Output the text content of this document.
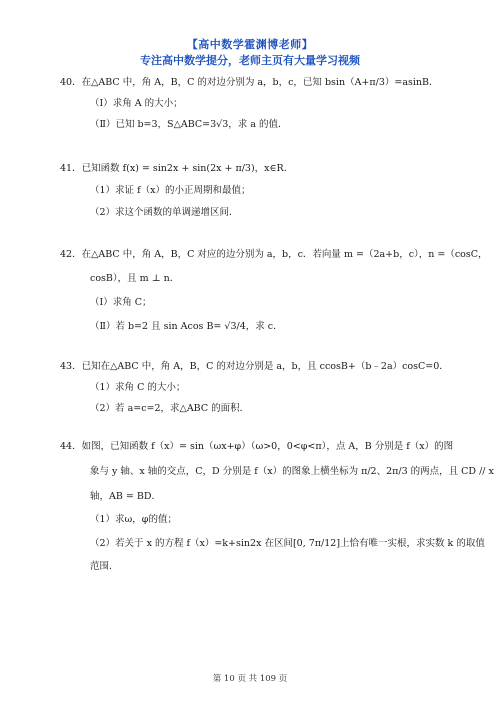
【高中数学霍渊博老师】
专注高中数学提分，老师主页有大量学习视频
40．在△ABC 中，角 A，B，C 的对边分别为 a，b，c，已知 bsin（A+π/3）=asinB．
（Ⅰ）求角 A 的大小；
（Ⅱ）已知 b=3，S△ABC=3√3，求 a 的值．
41．已知函数 f(x) = sin2x + sin(2x + π/3)，x∈R．
（1）求证 f（x）的小正周期和最值；
（2）求这个函数的单调递增区间．
42．在△ABC 中，角 A，B，C 对应的边分别为 a，b，c．若向量 m =（2a+b，c），n =（cosC，
cosB），且 m ⊥ n．
（Ⅰ）求角 C；
（Ⅱ）若 b=2 且 sin Acos B= √3/4，求 c．
43．已知在△ABC 中，角 A，B，C 的对边分别是 a，b，且 ccosB+（b﹣2a）cosC=0．
（1）求角 C 的大小；
（2）若 a=c=2，求△ABC 的面积．
44．如图，已知函数 f（x）= sin（ωx+φ）（ω>0，0<φ<π），点 A，B 分别是 f（x）的图
象与 y 轴、x 轴的交点，C，D 分别是 f（x）的图象上横坐标为 π/2、2π/3 的两点，且 CD // x
轴，AB = BD．
（1）求ω，φ的值；
（2）若关于 x 的方程 f（x）=k+sin2x 在区间[0, 7π/12]上恰有唯一实根，求实数 k 的取值
范围．
第 10 页 共 109 页
